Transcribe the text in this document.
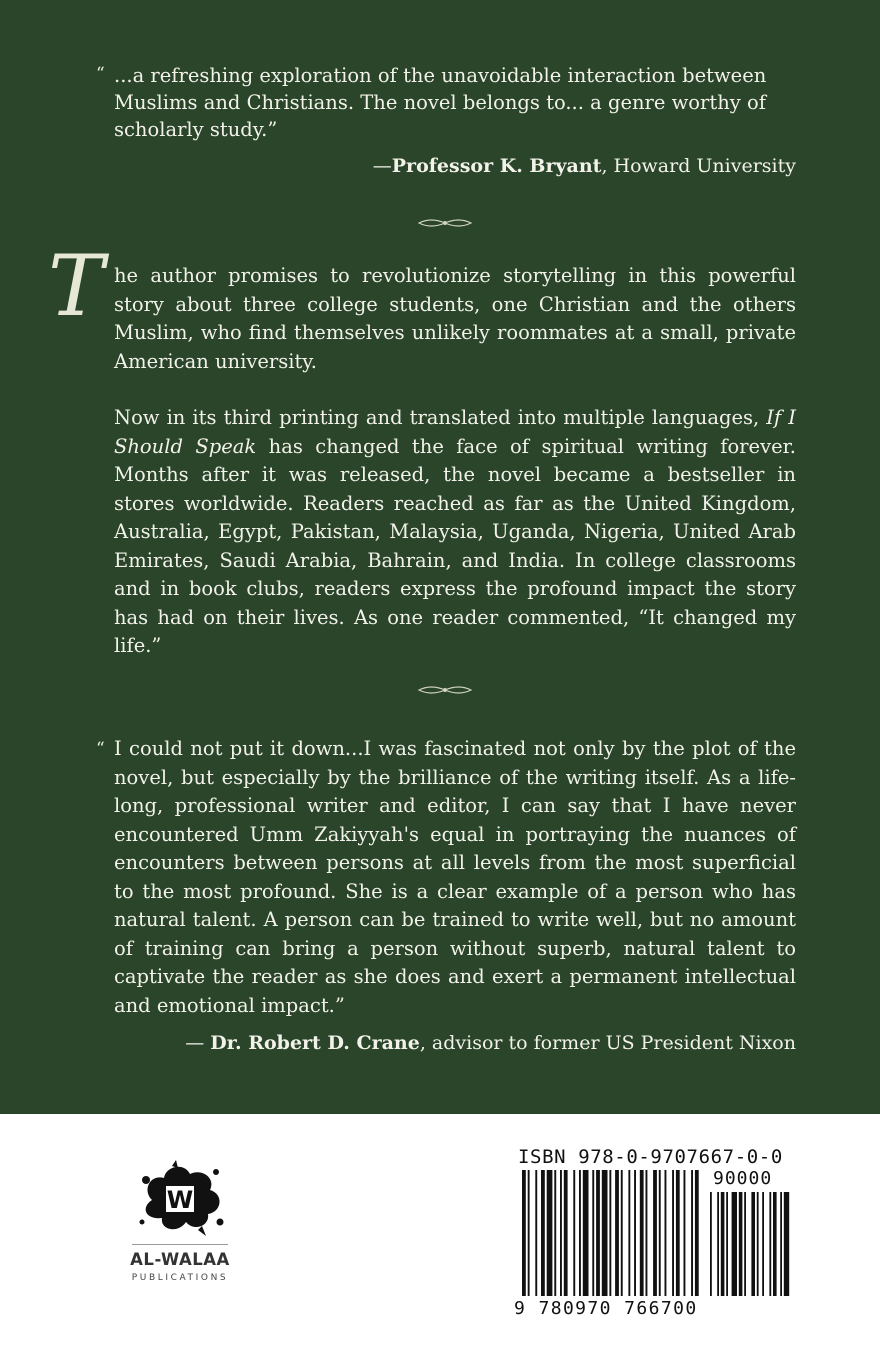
“ ...a refreshing exploration of the unavoidable interaction between Muslims and Christians. The novel belongs to... a genre worthy of scholarly study.”
—Professor K. Bryant, Howard University
T he author promises to revolutionize storytelling in this powerful story about three college students, one Christian and the others Muslim, who find themselves unlikely roommates at a small, private American university.

Now in its third printing and translated into multiple languages, If I Should Speak has changed the face of spiritual writing forever. Months after it was released, the novel became a bestseller in stores worldwide. Readers reached as far as the United Kingdom, Australia, Egypt, Pakistan, Malaysia, Uganda, Nigeria, United Arab Emirates, Saudi Arabia, Bahrain, and India. In college classrooms and in book clubs, readers express the profound impact the story has had on their lives. As one reader commented, “It changed my life.”

“ I could not put it down...I was fascinated not only by the plot of the novel, but especially by the brilliance of the writing itself. As a life-long, professional writer and editor, I can say that I have never encountered Umm Zakiyyah's equal in portraying the nuances of encounters between persons at all levels from the most superficial to the most profound. She is a clear example of a person who has natural talent. A person can be trained to write well, but no amount of training can bring a person without superb, natural talent to captivate the reader as she does and exert a permanent intellectual and emotional impact.”
— Dr. Robert D. Crane, advisor to former US President Nixon
W
AL-WALAA
PUBLICATIONS
ISBN 978-0-9707667-0-0
90000
9 780970 766700
